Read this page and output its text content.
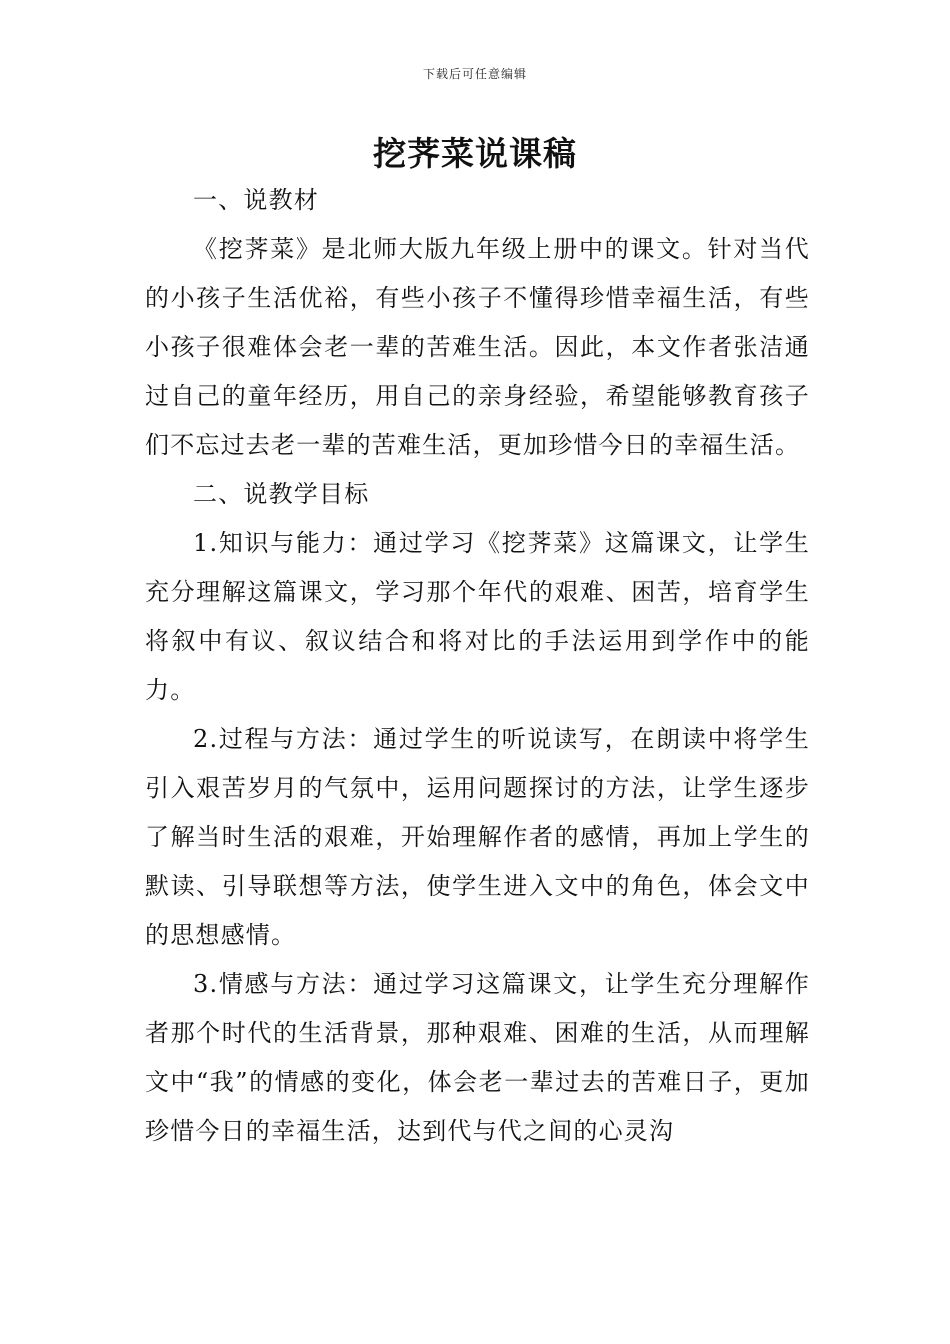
下载后可任意编辑
挖荠菜说课稿

一、说教材

《挖荠菜》是北师大版九年级上册中的课文。针对当代的小孩子生活优裕，有些小孩子不懂得珍惜幸福生活，有些小孩子很难体会老一辈的苦难生活。因此，本文作者张洁通过自己的童年经历，用自己的亲身经验，希望能够教育孩子们不忘过去老一辈的苦难生活，更加珍惜今日的幸福生活。

二、说教学目标

1.知识与能力：通过学习《挖荠菜》这篇课文，让学生充分理解这篇课文，学习那个年代的艰难、困苦，培育学生将叙中有议、叙议结合和将对比的手法运用到学作中的能力。

2.过程与方法：通过学生的听说读写，在朗读中将学生引入艰苦岁月的气氛中，运用问题探讨的方法，让学生逐步了解当时生活的艰难，开始理解作者的感情，再加上学生的默读、引导联想等方法，使学生进入文中的角色，体会文中的思想感情。

3.情感与方法：通过学习这篇课文，让学生充分理解作者那个时代的生活背景，那种艰难、困难的生活，从而理解文中“我”的情感的变化，体会老一辈过去的苦难日子，更加珍惜今日的幸福生活，达到代与代之间的心灵沟
